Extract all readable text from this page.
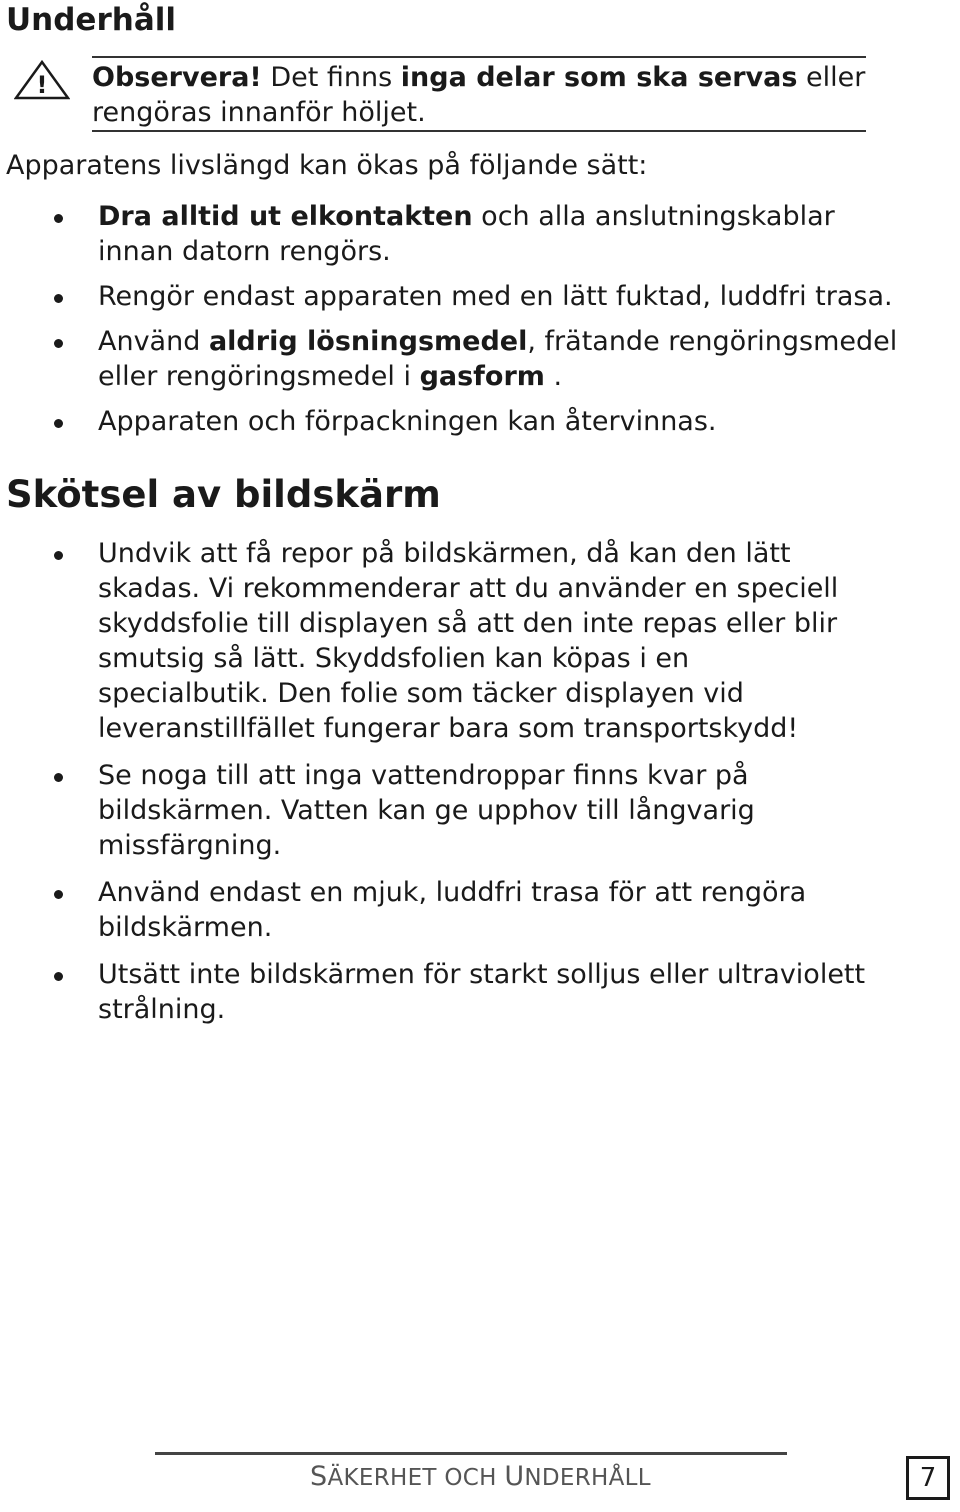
Underhåll
! Observera! Det finns inga delar som ska servas eller rengöras innanför höljet.

Apparatens livslängd kan ökas på följande sätt:

Dra alltid ut elkontakten och alla anslutningskablar innan datorn rengörs.
Rengör endast apparaten med en lätt fuktad, luddfri trasa.
Använd aldrig lösningsmedel, frätande rengöringsmedel eller rengöringsmedel i gasform .
Apparaten och förpackningen kan återvinnas.
Skötsel av bildskärm
Undvik att få repor på bildskärmen, då kan den lätt skadas. Vi rekommenderar att du använder en speciell skyddsfolie till displayen så att den inte repas eller blir smutsig så lätt. Skyddsfolien kan köpas i en specialbutik. Den folie som täcker displayen vid leveranstillfället fungerar bara som transportskydd!
Se noga till att inga vattendroppar finns kvar på bildskärmen. Vatten kan ge upphov till långvarig missfärgning.
Använd endast en mjuk, luddfri trasa för att rengöra bildskärmen.
Utsätt inte bildskärmen för starkt solljus eller ultraviolett strålning.
SÄKERHET OCH UNDERHÅLL	7
